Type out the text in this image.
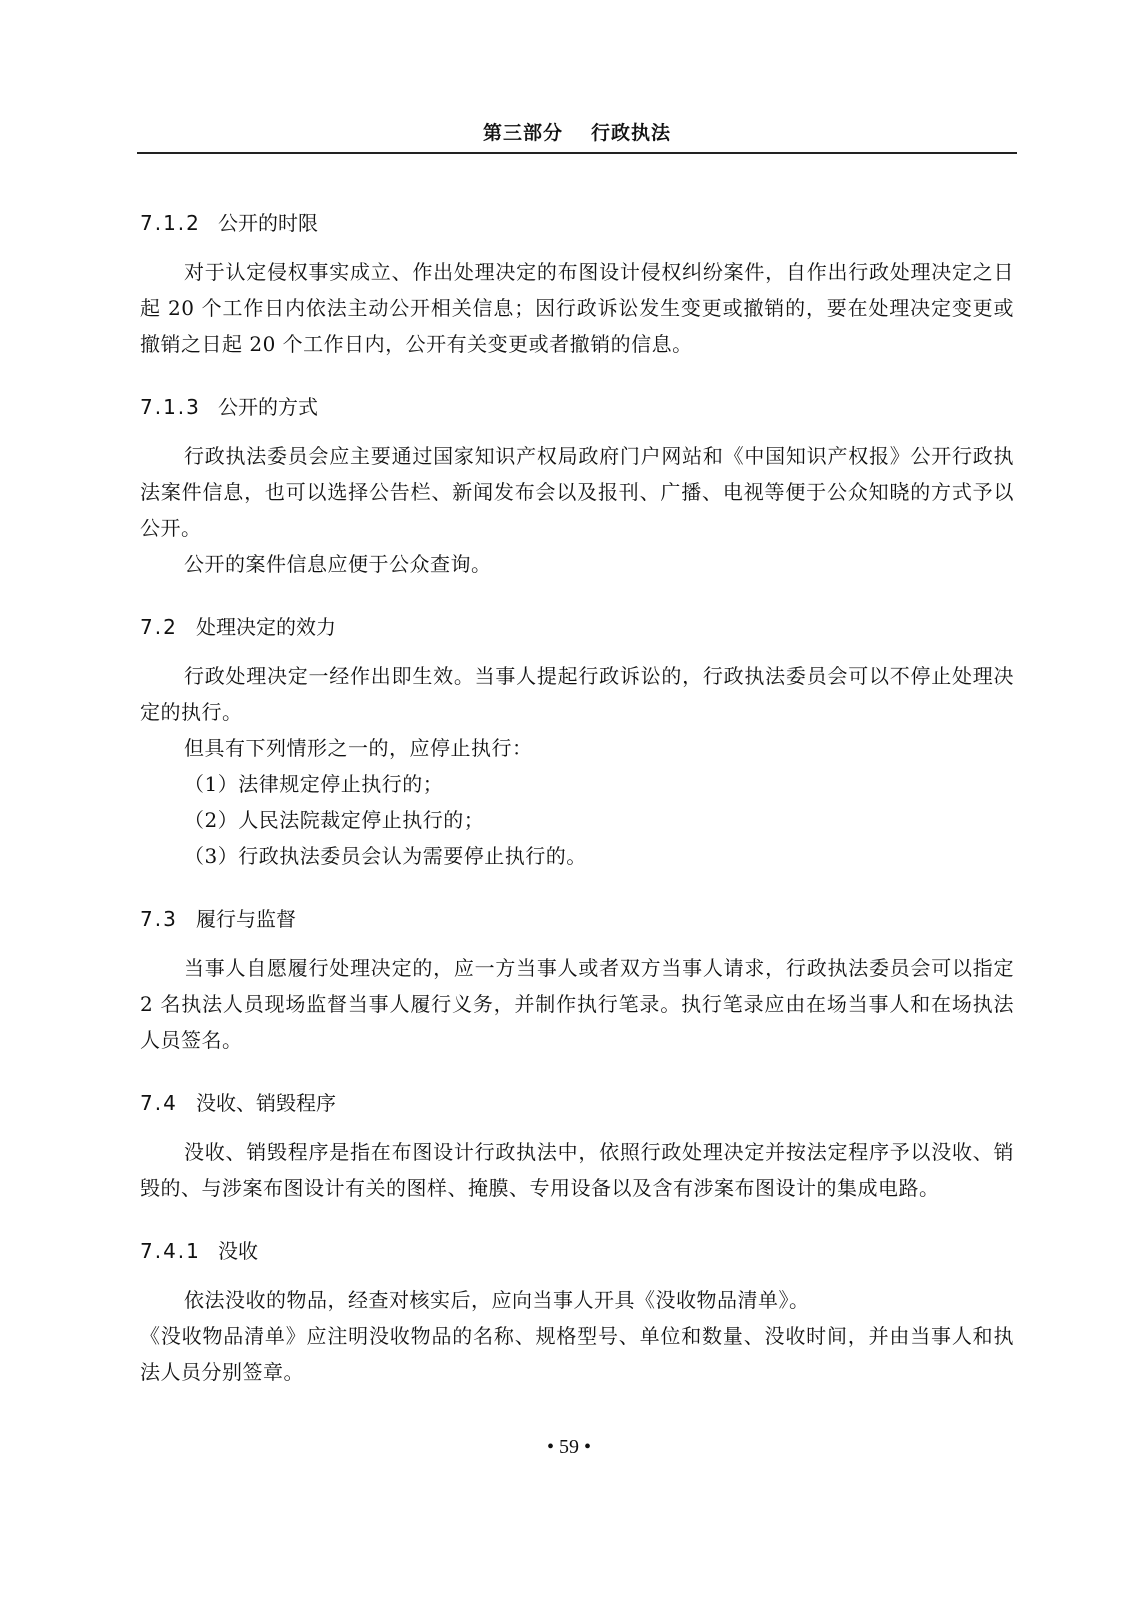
第三部分 行政执法
7.1.2 公开的时限

对于认定侵权事实成立、作出处理决定的布图设计侵权纠纷案件，自作出行政处理决定之日起 20 个工作日内依法主动公开相关信息；因行政诉讼发生变更或撤销的，要在处理决定变更或撤销之日起 20 个工作日内，公开有关变更或者撤销的信息。

7.1.3 公开的方式

行政执法委员会应主要通过国家知识产权局政府门户网站和《中国知识产权报》公开行政执法案件信息，也可以选择公告栏、新闻发布会以及报刊、广播、电视等便于公众知晓的方式予以公开。

公开的案件信息应便于公众查询。

7.2 处理决定的效力

行政处理决定一经作出即生效。当事人提起行政诉讼的，行政执法委员会可以不停止处理决定的执行。

但具有下列情形之一的，应停止执行：

（1）法律规定停止执行的；

（2）人民法院裁定停止执行的；

（3）行政执法委员会认为需要停止执行的。

7.3 履行与监督

当事人自愿履行处理决定的，应一方当事人或者双方当事人请求，行政执法委员会可以指定 2 名执法人员现场监督当事人履行义务，并制作执行笔录。执行笔录应由在场当事人和在场执法人员签名。

7.4 没收、销毁程序

没收、销毁程序是指在布图设计行政执法中，依照行政处理决定并按法定程序予以没收、销毁的、与涉案布图设计有关的图样、掩膜、专用设备以及含有涉案布图设计的集成电路。

7.4.1 没收

依法没收的物品，经查对核实后，应向当事人开具《没收物品清单》。

《没收物品清单》应注明没收物品的名称、规格型号、单位和数量、没收时间，并由当事人和执法人员分别签章。

• 59 •
